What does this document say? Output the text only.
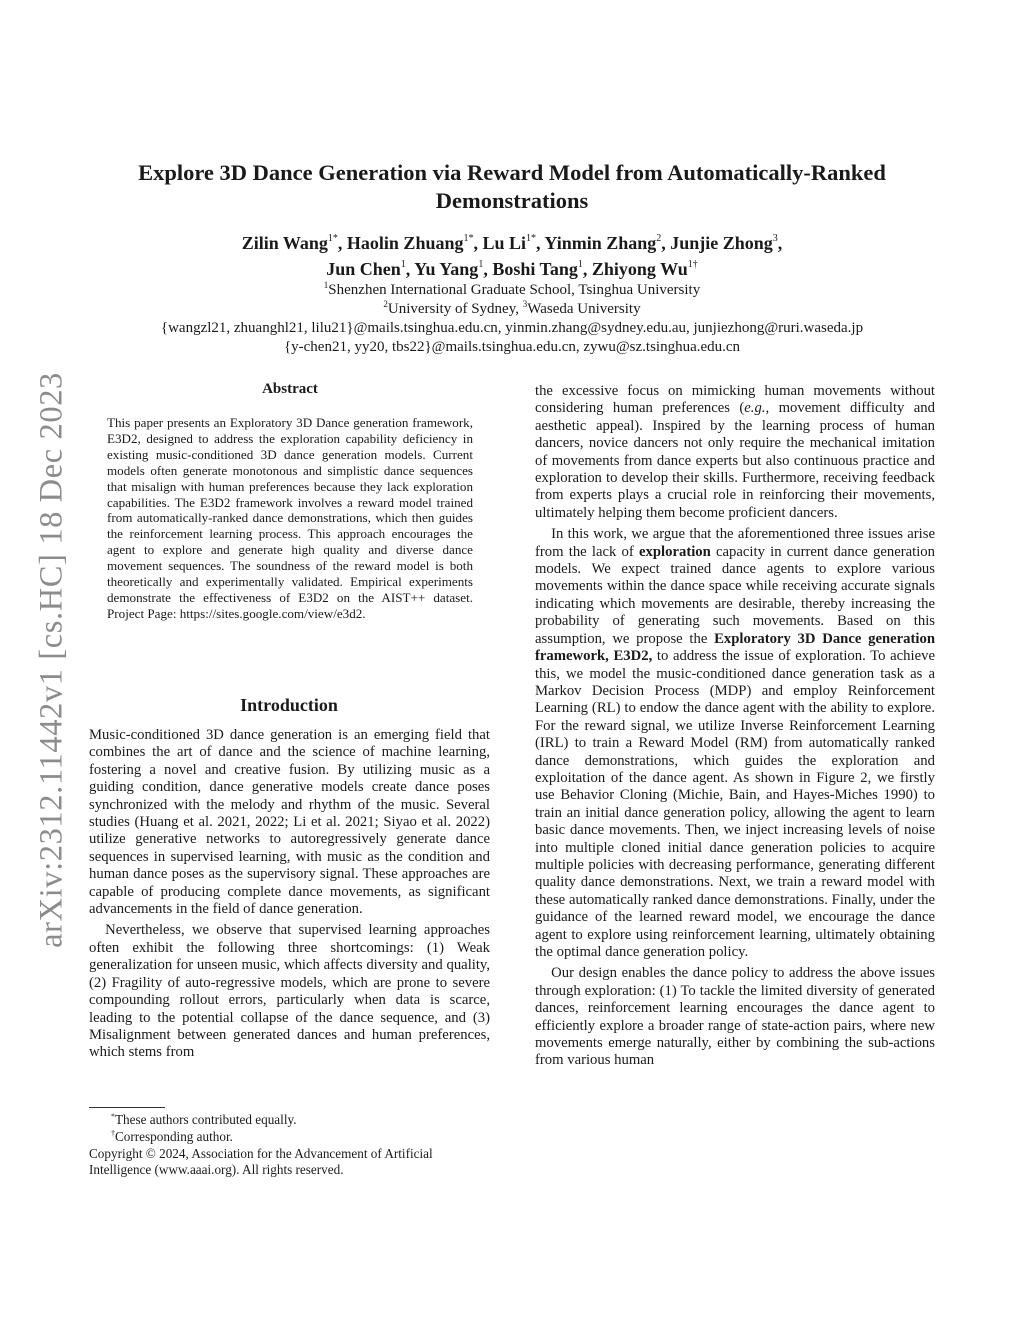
arXiv:2312.11442v1 [cs.HC] 18 Dec 2023
Explore 3D Dance Generation via Reward Model from Automatically-Ranked Demonstrations
Zilin Wang$^{1*}$, Haolin Zhuang$^{1*}$, Lu $Li^{1*}$, Yinmin Zhang$^2$, Junjie Zhong$^3$,
Jun Chen$^1$, Yu Yang$^1$, Boshi Tang$^1$, Zhiyong $Wu^{1\dagger}$
$^1$Shenzhen International Graduate School, Tsinghua University
$^2$University of Sydney, $^3$Waseda University
{wangzl21, zhuanghl21, lilu21}@mails.tsinghua.edu.cn, yinmin.zhang@sydney.edu.au, junjiezhong@ruri.waseda.jp
{y-chen21, yy20, tbs22}@mails.tsinghua.edu.cn, zywu@sz.tsinghua.edu.cn
Abstract

This paper presents an Exploratory 3D Dance generation framework, E3D2, designed to address the exploration capability deficiency in existing music-conditioned 3D dance generation models. Current models often generate monotonous and simplistic dance sequences that misalign with human preferences because they lack exploration capabilities. The E3D2 framework involves a reward model trained from automatically-ranked dance demonstrations, which then guides the reinforcement learning process. This approach encourages the agent to explore and generate high quality and diverse dance movement sequences. The soundness of the reward model is both theoretically and experimentally validated. Empirical experiments demonstrate the effectiveness of E3D2 on the AIST++ dataset. Project Page: https://sites.google.com/view/e3d2.

Introduction

Music-conditioned 3D dance generation is an emerging field that combines the art of dance and the science of machine learning, fostering a novel and creative fusion. By utilizing music as a guiding condition, dance generative models create dance poses synchronized with the melody and rhythm of the music. Several studies (Huang et al. 2021, 2022; Li et al. 2021; Siyao et al. 2022) utilize generative networks to autoregressively generate dance sequences in supervised learning, with music as the condition and human dance poses as the supervisory signal. These approaches are capable of producing complete dance movements, as significant advancements in the field of dance generation.

Nevertheless, we observe that supervised learning approaches often exhibit the following three shortcomings: (1) Weak generalization for unseen music, which affects diversity and quality, (2) Fragility of auto-regressive models, which are prone to severe compounding rollout errors, particularly when data is scarce, leading to the potential collapse of the dance sequence, and (3) Misalignment between generated dances and human preferences, which stems from

the excessive focus on mimicking human movements without considering human preferences (e.g., movement difficulty and aesthetic appeal). Inspired by the learning process of human dancers, novice dancers not only require the mechanical imitation of movements from dance experts but also continuous practice and exploration to develop their skills. Furthermore, receiving feedback from experts plays a crucial role in reinforcing their movements, ultimately helping them become proficient dancers.

In this work, we argue that the aforementioned three issues arise from the lack of exploration capacity in current dance generation models. We expect trained dance agents to explore various movements within the dance space while receiving accurate signals indicating which movements are desirable, thereby increasing the probability of generating such movements. Based on this assumption, we propose the Exploratory 3D Dance generation framework, E3D2, to address the issue of exploration. To achieve this, we model the music-conditioned dance generation task as a Markov Decision Process (MDP) and employ Reinforcement Learning (RL) to endow the dance agent with the ability to explore. For the reward signal, we utilize Inverse Reinforcement Learning (IRL) to train a Reward Model (RM) from automatically ranked dance demonstrations, which guides the exploration and exploitation of the dance agent. As shown in Figure 2, we firstly use Behavior Cloning (Michie, Bain, and Hayes-Miches 1990) to train an initial dance generation policy, allowing the agent to learn basic dance movements. Then, we inject increasing levels of noise into multiple cloned initial dance generation policies to acquire multiple policies with decreasing performance, generating different quality dance demonstrations. Next, we train a reward model with these automatically ranked dance demonstrations. Finally, under the guidance of the learned reward model, we encourage the dance agent to explore using reinforcement learning, ultimately obtaining the optimal dance generation policy.

Our design enables the dance policy to address the above issues through exploration: (1) To tackle the limited diversity of generated dances, reinforcement learning encourages the dance agent to efficiently explore a broader range of state-action pairs, where new movements emerge naturally, either by combining the sub-actions from various human

*These authors contributed equally.

†Corresponding author.

Copyright © 2024, Association for the Advancement of Artificial Intelligence (www.aaai.org). All rights reserved.
